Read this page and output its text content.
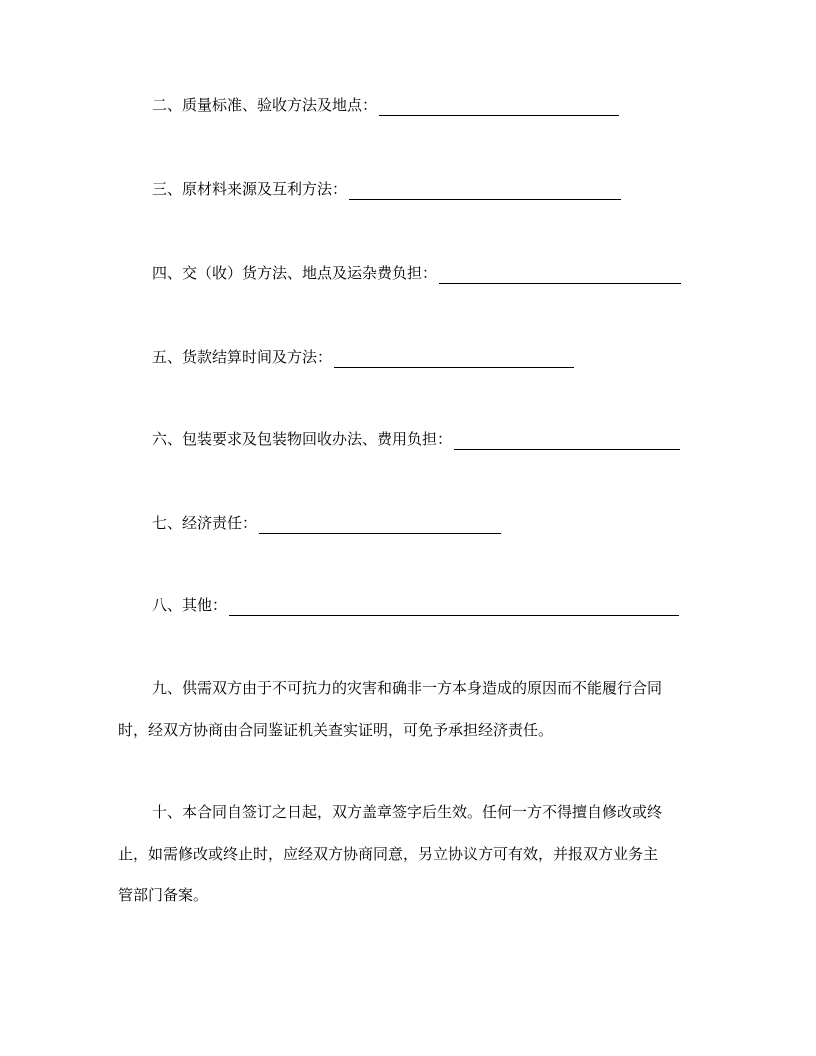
二、质量标准、验收方法及地点：
三、原材料来源及互利方法：
四、交（收）货方法、地点及运杂费负担：
五、货款结算时间及方法：
六、包装要求及包装物回收办法、费用负担：
七、经济责任：
八、其他：
九、供需双方由于不可抗力的灾害和确非一方本身造成的原因而不能履行合同
时，经双方协商由合同鉴证机关查实证明，可免予承担经济责任。
十、本合同自签订之日起，双方盖章签字后生效。任何一方不得擅自修改或终
止，如需修改或终止时，应经双方协商同意，另立协议方可有效，并报双方业务主
管部门备案。
